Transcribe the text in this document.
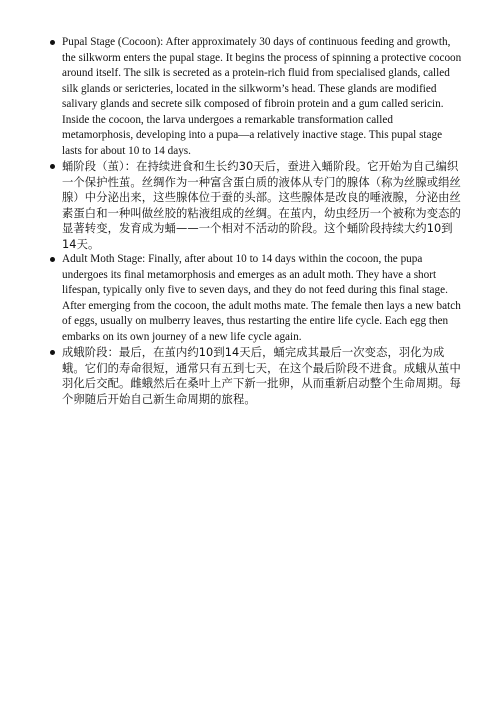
Pupal Stage (Cocoon): After approximately 30 days of continuous feeding and growth, the silkworm enters the pupal stage. It begins the process of spinning a protective cocoon around itself. The silk is secreted as a protein-rich fluid from specialised glands, called silk glands or sericteries, located in the silkworm’s head. These glands are modified salivary glands and secrete silk composed of fibroin protein and a gum called sericin. Inside the cocoon, the larva undergoes a remarkable transformation called metamorphosis, developing into a pupa—a relatively inactive stage. This pupal stage lasts for about 10 to 14 days.
蛹阶段（茧）：在持续进食和生长约30天后，蚕进入蛹阶段。它开始为自己编织一个保护性茧。丝绸作为一种富含蛋白质的液体从专门的腺体（称为丝腺或绢丝腺）中分泌出来，这些腺体位于蚕的头部。这些腺体是改良的唾液腺，分泌由丝素蛋白和一种叫做丝胶的粘液组成的丝绸。在茧内，幼虫经历一个被称为变态的显著转变，发育成为蛹——一个相对不活动的阶段。这个蛹阶段持续大约10到14天。
Adult Moth Stage: Finally, after about 10 to 14 days within the cocoon, the pupa undergoes its final metamorphosis and emerges as an adult moth. They have a short lifespan, typically only five to seven days, and they do not feed during this final stage. After emerging from the cocoon, the adult moths mate. The female then lays a new batch of eggs, usually on mulberry leaves, thus restarting the entire life cycle. Each egg then embarks on its own journey of a new life cycle again.
成蛾阶段：最后，在茧内约10到14天后，蛹完成其最后一次变态，羽化为成蛾。它们的寿命很短，通常只有五到七天，在这个最后阶段不进食。成蛾从茧中羽化后交配。雌蛾然后在桑叶上产下新一批卵，从而重新启动整个生命周期。每个卵随后开始自己新生命周期的旅程。
